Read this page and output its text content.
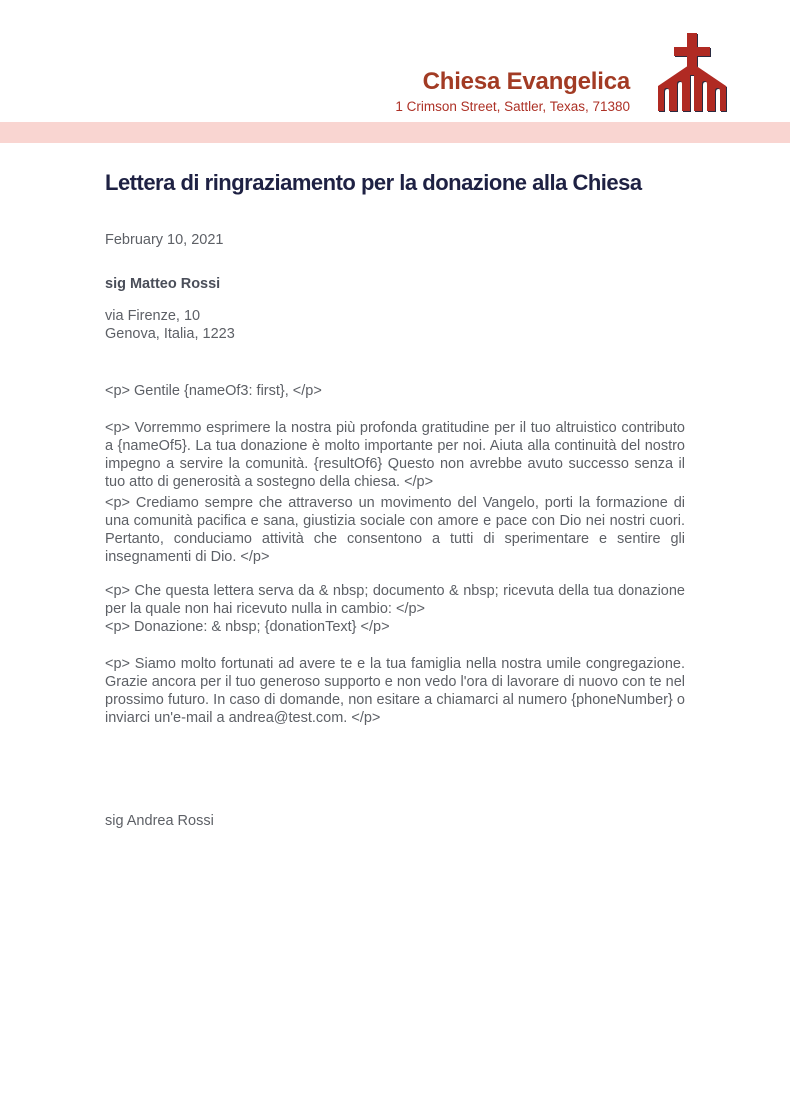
Chiesa Evangelica
1 Crimson Street, Sattler, Texas, 71380
Lettera di ringraziamento per la donazione alla Chiesa

February 10, 2021

sig Matteo Rossi

via Firenze, 10
Genova, Italia, 1223

<p> Gentile {nameOf3: first}, </p>

<p> Vorremmo esprimere la nostra più profonda gratitudine per il tuo altruistico contributo a {nameOf5}. La tua donazione è molto importante per noi. Aiuta alla continuità del nostro impegno a servire la comunità. {resultOf6} Questo non avrebbe avuto successo senza il tuo atto di generosità a sostegno della chiesa. </p>

<p> Crediamo sempre che attraverso un movimento del Vangelo, porti la formazione di una comunità pacifica e sana, giustizia sociale con amore e pace con Dio nei nostri cuori. Pertanto, conduciamo attività che consentono a tutti di sperimentare e sentire gli insegnamenti di Dio. </p>

<p> Che questa lettera serva da & nbsp; documento & nbsp; ricevuta della tua donazione per la quale non hai ricevuto nulla in cambio: </p>

<p> Donazione: & nbsp; {donationText} </p>

<p> Siamo molto fortunati ad avere te e la tua famiglia nella nostra umile congregazione. Grazie ancora per il tuo generoso supporto e non vedo l'ora di lavorare di nuovo con te nel prossimo futuro. In caso di domande, non esitare a chiamarci al numero {phoneNumber} o inviarci un'e-mail a andrea@test.com. </p>

sig Andrea Rossi
